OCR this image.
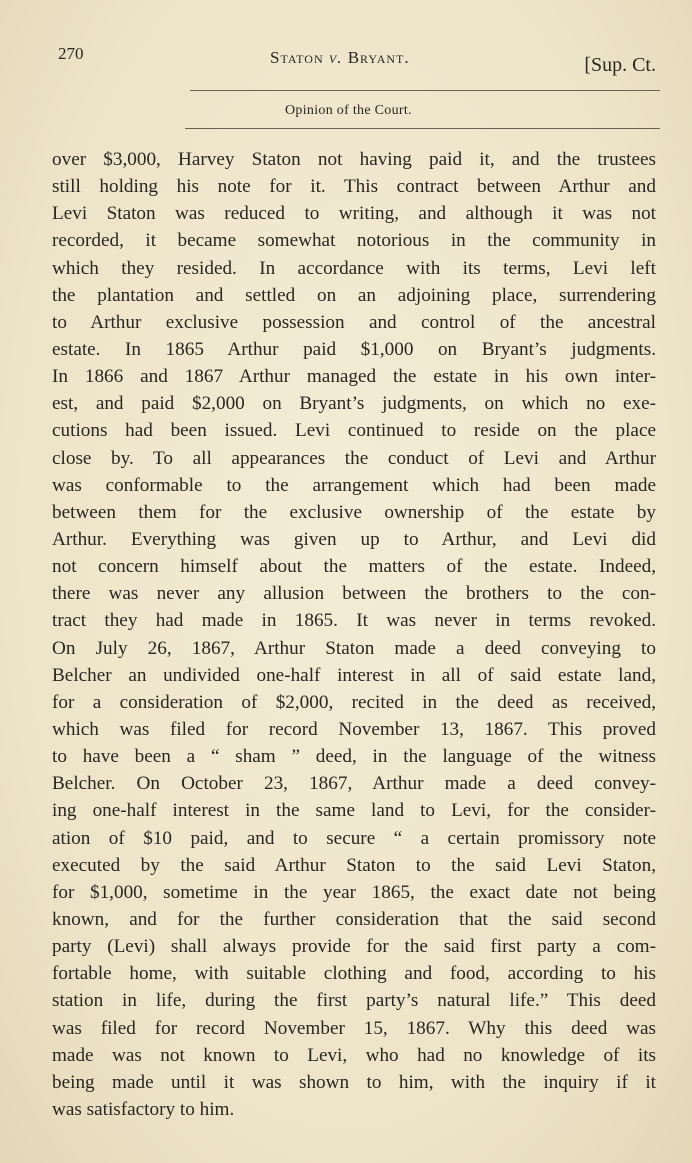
270	Staton v. Bryant.	[Sup. Ct.
Opinion of the Court.
over $3,000, Harvey Staton not having paid it, and the trustees
still holding his note for it. This contract between Arthur and
Levi Staton was reduced to writing, and although it was not
recorded, it became somewhat notorious in the community in
which they resided. In accordance with its terms, Levi left
the plantation and settled on an adjoining place, surrendering
to Arthur exclusive possession and control of the ancestral
estate. In 1865 Arthur paid $1,000 on Bryant’s judgments.
In 1866 and 1867 Arthur managed the estate in his own inter-
est, and paid $2,000 on Bryant’s judgments, on which no exe-
cutions had been issued. Levi continued to reside on the place
close by. To all appearances the conduct of Levi and Arthur
was conformable to the arrangement which had been made
between them for the exclusive ownership of the estate by
Arthur. Everything was given up to Arthur, and Levi did
not concern himself about the matters of the estate. Indeed,
there was never any allusion between the brothers to the con-
tract they had made in 1865. It was never in terms revoked.
On July 26, 1867, Arthur Staton made a deed conveying to
Belcher an undivided one-half interest in all of said estate land,
for a consideration of $2,000, recited in the deed as received,
which was filed for record November 13, 1867. This proved
to have been a “ sham ” deed, in the language of the witness
Belcher. On October 23, 1867, Arthur made a deed convey-
ing one-half interest in the same land to Levi, for the consider-
ation of $10 paid, and to secure “ a certain promissory note
executed by the said Arthur Staton to the said Levi Staton,
for $1,000, sometime in the year 1865, the exact date not being
known, and for the further consideration that the said second
party (Levi) shall always provide for the said first party a com-
fortable home, with suitable clothing and food, according to his
station in life, during the first party’s natural life.” This deed
was filed for record November 15, 1867. Why this deed was
made was not known to Levi, who had no knowledge of its
being made until it was shown to him, with the inquiry if it
was satisfactory to him.
